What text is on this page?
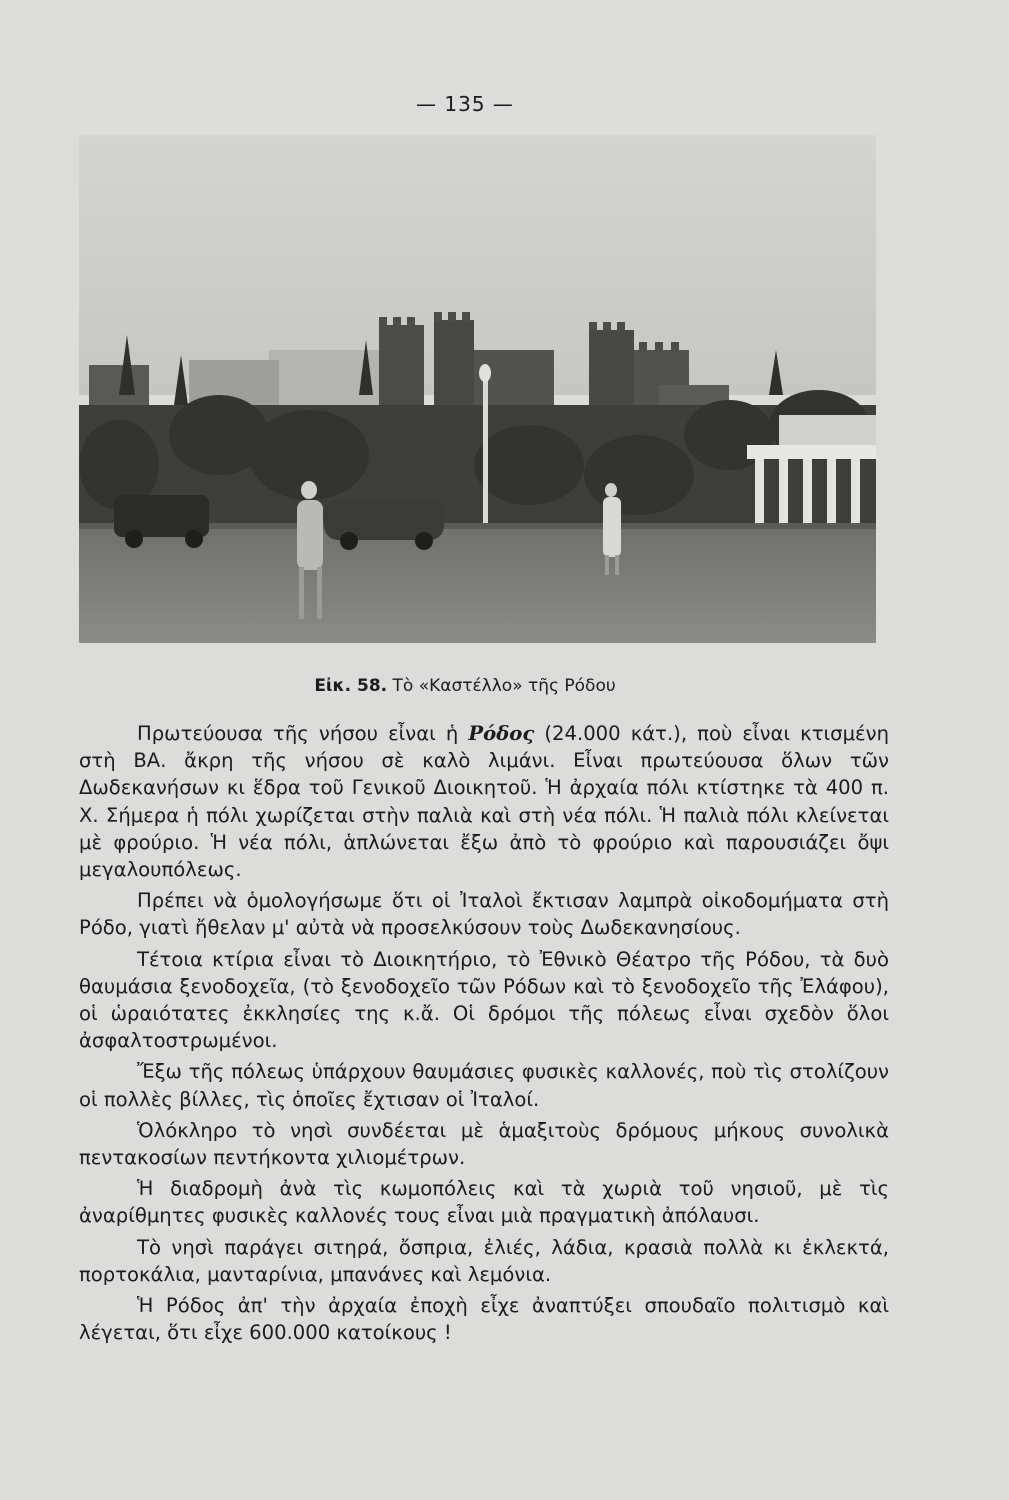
— 135 —
Εἰκ. 58. Τὸ «Καστέλλο» τῆς Ρόδου

Πρωτεύουσα τῆς νήσου εἶναι ἡ Ρόδος (24.000 κάτ.), ποὺ εἶναι κτισμένη στὴ ΒΑ. ἄκρη τῆς νήσου σὲ καλὸ λιμάνι. Εἶναι πρωτεύουσα ὅλων τῶν Δωδεκανήσων κι ἕδρα τοῦ Γενικοῦ Διοικητοῦ. Ἡ ἀρχαία πόλι κτίστηκε τὰ 400 π. Χ. Σήμερα ἡ πόλι χωρίζεται στὴν παλιὰ καὶ στὴ νέα πόλι. Ἡ παλιὰ πόλι κλείνεται μὲ φρούριο. Ἡ νέα πόλι, ἁπλώνεται ἔξω ἀπὸ τὸ φρούριο καὶ παρουσιάζει ὄψι μεγαλουπόλεως.

Πρέπει νὰ ὁμολογήσωμε ὅτι οἱ Ἰταλοὶ ἔκτισαν λαμπρὰ οἰκοδομήματα στὴ Ρόδο, γιατὶ ἤθελαν μ' αὐτὰ νὰ προσελκύσουν τοὺς Δωδεκανησίους.

Τέτοια κτίρια εἶναι τὸ Διοικητήριο, τὸ Ἐθνικὸ Θέατρο τῆς Ρόδου, τὰ δυὸ θαυμάσια ξενοδοχεῖα, (τὸ ξενοδοχεῖο τῶν Ρόδων καὶ τὸ ξενοδοχεῖο τῆς Ἐλάφου), οἱ ὡραιότατες ἐκκλησίες της κ.ἄ. Οἱ δρόμοι τῆς πόλεως εἶναι σχεδὸν ὅλοι ἀσφαλτοστρωμένοι.

Ἔξω τῆς πόλεως ὑπάρχουν θαυμάσιες φυσικὲς καλλονές, ποὺ τὶς στολίζουν οἱ πολλὲς βίλλες, τὶς ὁποῖες ἔχτισαν οἱ Ἰταλοί.

Ὁλόκληρο τὸ νησὶ συνδέεται μὲ ἁμαξιτοὺς δρόμους μήκους συνολικὰ πεντακοσίων πεντήκοντα χιλιομέτρων.

Ἡ διαδρομὴ ἀνὰ τὶς κωμοπόλεις καὶ τὰ χωριὰ τοῦ νησιοῦ, μὲ τὶς ἀναρίθμητες φυσικὲς καλλονές τους εἶναι μιὰ πραγματικὴ ἀπόλαυσι.

Τὸ νησὶ παράγει σιτηρά, ὄσπρια, ἐλιές, λάδια, κρασιὰ πολλὰ κι ἐκλεκτά, πορτοκάλια, μανταρίνια, μπανάνες καὶ λεμόνια.

Ἡ Ρόδος ἀπ' τὴν ἀρχαία ἐποχὴ εἶχε ἀναπτύξει σπουδαῖο πολιτισμὸ καὶ λέγεται, ὅτι εἶχε 600.000 κατοίκους !
